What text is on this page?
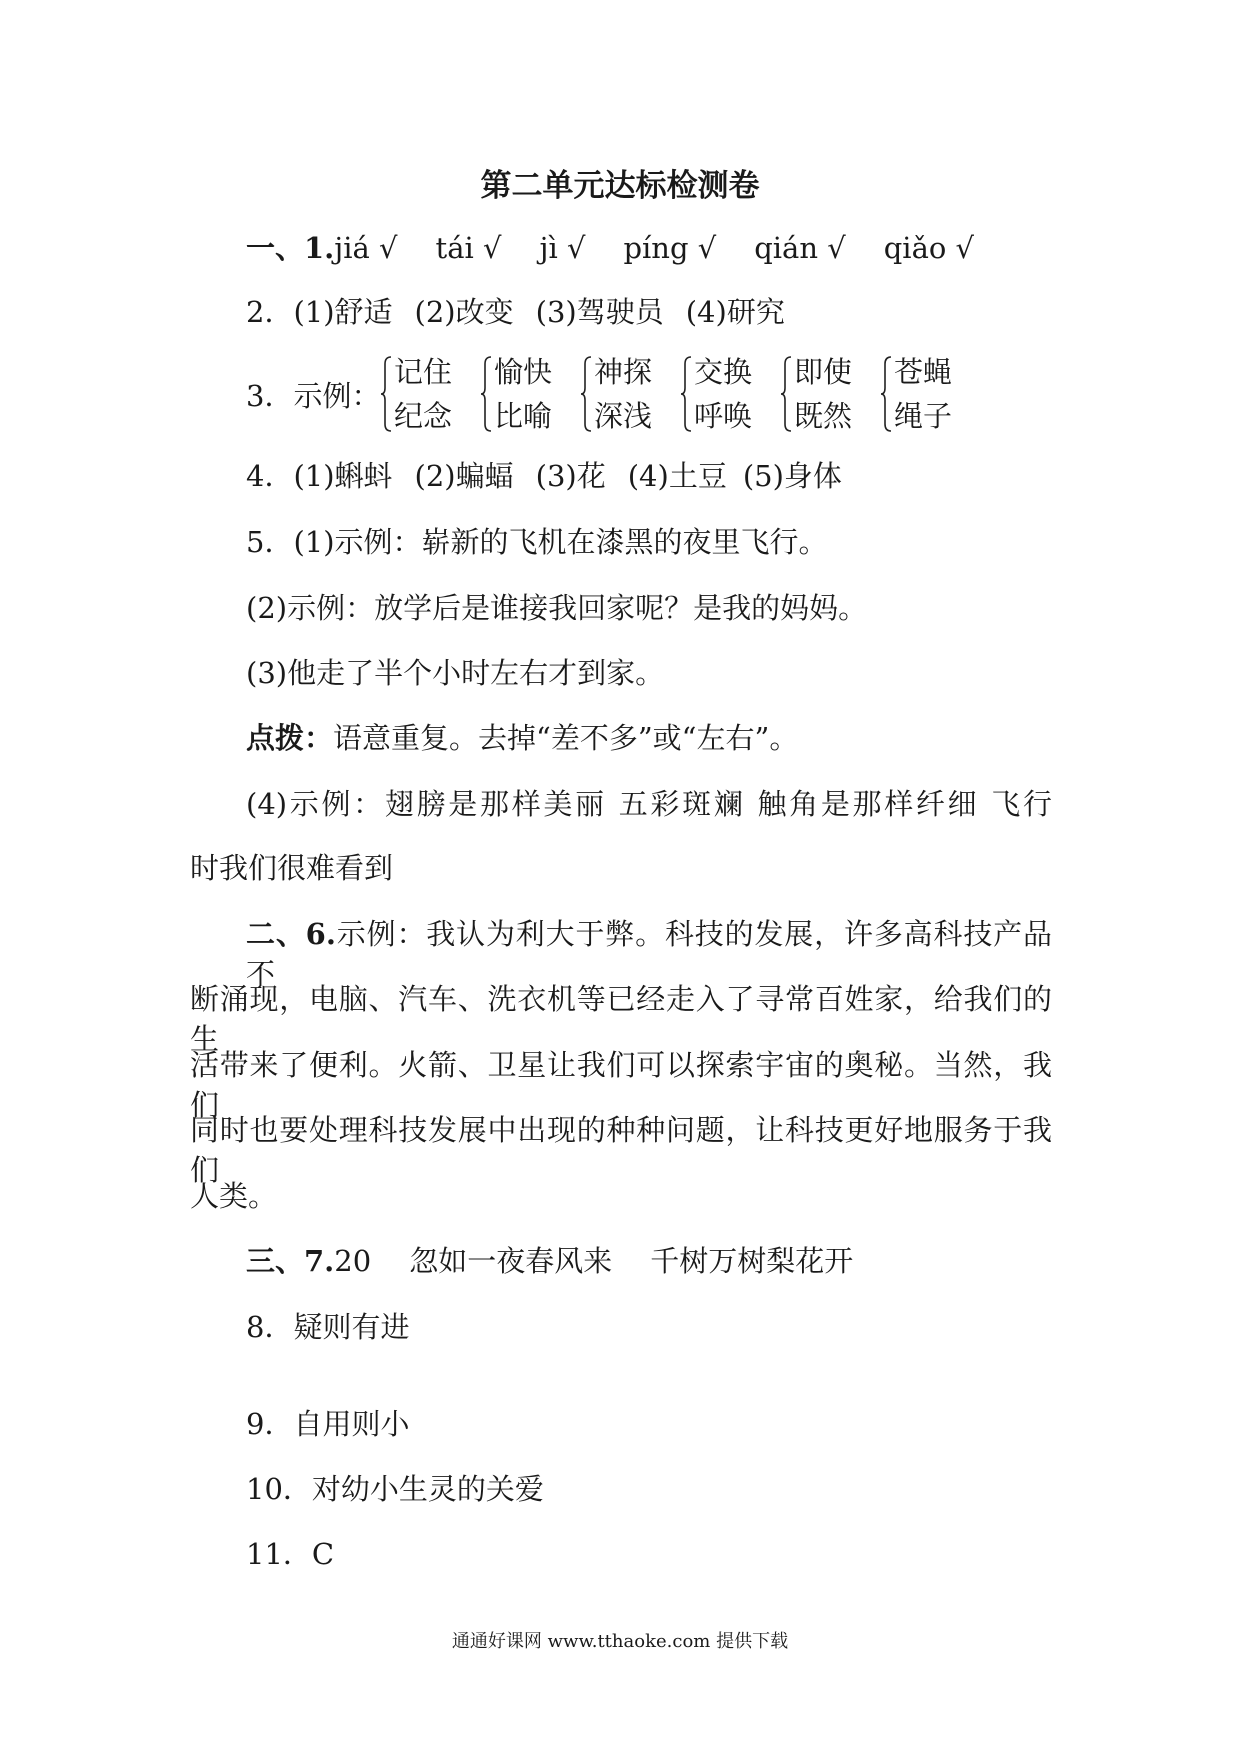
第二单元达标检测卷
一、1.jiá √ tái √ jì √ píng √ qián √ qiǎo √
2．(1)舒适 (2)改变 (3)驾驶员 (4)研究
3．示例：
记住
纪念
愉快
比喻
神探
深浅
交换
呼唤
即使
既然
苍蝇
绳子
4．(1)蝌蚪 (2)蝙蝠 (3)花 (4)土豆 (5)身体
5．(1)示例：崭新的飞机在漆黑的夜里飞行。
(2)示例：放学后是谁接我回家呢？是我的妈妈。
(3)他走了半个小时左右才到家。
点拨：语意重复。去掉“差不多”或“左右”。
(4)示例：翅膀是那样美丽 五彩斑斓 触角是那样纤细 飞行
时我们很难看到
二、6.示例：我认为利大于弊。科技的发展，许多高科技产品不
断涌现，电脑、汽车、洗衣机等已经走入了寻常百姓家，给我们的生
活带来了便利。火箭、卫星让我们可以探索宇宙的奥秘。当然，我们
同时也要处理科技发展中出现的种种问题，让科技更好地服务于我们
人类。
三、7.20 忽如一夜春风来 千树万树梨花开
8．疑则有进
9．自用则小
10．对幼小生灵的关爱
11．C
通通好课网 www.tthaoke.com 提供下载
